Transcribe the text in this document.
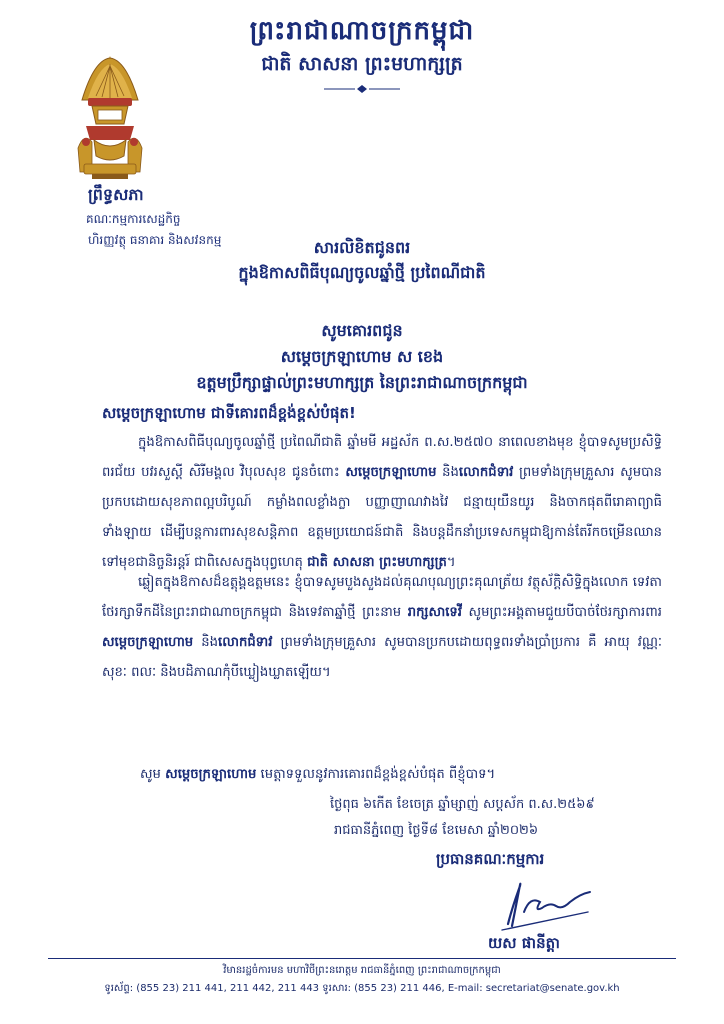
ព្រះរាជាណាចក្រកម្ពុជា
ជាតិ សាសនា ព្រះមហាក្សត្រ
ព្រឹទ្ធសភា
គណៈកម្មការសេដ្ឋកិច្ច
ហិរញ្ញវត្ថុ ធនាគារ និងសវនកម្ម	សារលិខិតជូនពរ
ក្នុងឱកាសពិធីបុណ្យចូលឆ្នាំថ្មី ប្រពៃណីជាតិ
សូមគោរពជូន
សម្តេចក្រឡាហោម ស ខេង
ឧត្តមប្រឹក្សាផ្ទាល់ព្រះមហាក្សត្រ នៃព្រះរាជាណាចក្រកម្ពុជា
សម្តេចក្រឡាហោម ជាទីគោរពដ៏ខ្ពង់ខ្ពស់បំផុត!
ក្នុងឱកាសពិធីបុណ្យចូលឆ្នាំថ្មី ប្រពៃណីជាតិ ឆ្នាំមមី អដ្ឋស័ក ព.ស.២៥៧០ នាពេលខាងមុខ ខ្ញុំបាទសូមប្រសិទ្ធិពរជ័យ បវរសួស្តី សិរីមង្គល វិបុលសុខ ជូនចំពោះ សម្តេចក្រឡាហោម និងលោកជំទាវ ព្រមទាំងក្រុមគ្រួសារ សូមបានប្រកបដោយសុខភាពល្អបរិបូណ៍ កម្លាំងពលខ្លាំងក្លា បញ្ញាញាណវាងវៃ ជន្មាយុយឺនយូរ និងចាកផុតពីរោគាព្យាធិទាំងឡាយ ដើម្បីបន្តការពារសុខសន្តិភាព ឧត្តមប្រយោជន៍ជាតិ និងបន្តដឹកនាំប្រទេសកម្ពុជាឱ្យកាន់តែរីកចម្រើនឈានទៅមុខជានិច្ចនិរន្តរ៍ ជាពិសេសក្នុងបុព្វហេតុ ជាតិ សាសនា ព្រះមហាក្សត្រ។
ឆ្លៀតក្នុងឱកាសដ៏ឧត្តុង្គឧត្តមនេះ ខ្ញុំបាទសូមបួងសួងដល់គុណបុណ្យព្រះគុណត្រ័យ វត្ថុស័ក្តិសិទ្ធិក្នុងលោក ទេវតាថែរក្សាទឹកដីនៃព្រះរាជាណាចក្រកម្ពុជា និងទេវតាឆ្នាំថ្មី ព្រះនាម រាក្សសាទេវី សូមព្រះអង្គតាមជួយបីបាច់ថែរក្សាការពារ សម្តេចក្រឡាហោម និងលោកជំទាវ ព្រមទាំងក្រុមគ្រួសារ សូមបានប្រកបដោយពុទ្ធពរទាំងប្រាំប្រការ គឺ អាយុ វណ្ណៈ សុខៈ ពលៈ និងបដិភាណកុំបីឃ្លៀងឃ្លាតឡើយ។
សូម សម្តេចក្រឡាហោម មេត្តាទទួលនូវការគោរពដ៏ខ្ពង់ខ្ពស់បំផុត ពីខ្ញុំបាទ។
ថ្ងៃពុធ ៦កើត ខែចេត្រ ឆ្នាំម្សាញ់ សប្តស័ក ព.ស.២៥៦៩
រាជធានីភ្នំពេញ ថ្ងៃទី៨ ខែមេសា ឆ្នាំ២០២៦
ប្រធានគណៈកម្មការ
យស ផានីត្តា
វិមានរដ្ឋចំការមន មហាវិថីព្រះនរោត្តម រាជធានីភ្នំពេញ ព្រះរាជាណាចក្រកម្ពុជា
ទូរស័ព្ទ: (855 23) 211 441, 211 442, 211 443 ទូរសារ: (855 23) 211 446, E-mail: secretariat@senate.gov.kh
